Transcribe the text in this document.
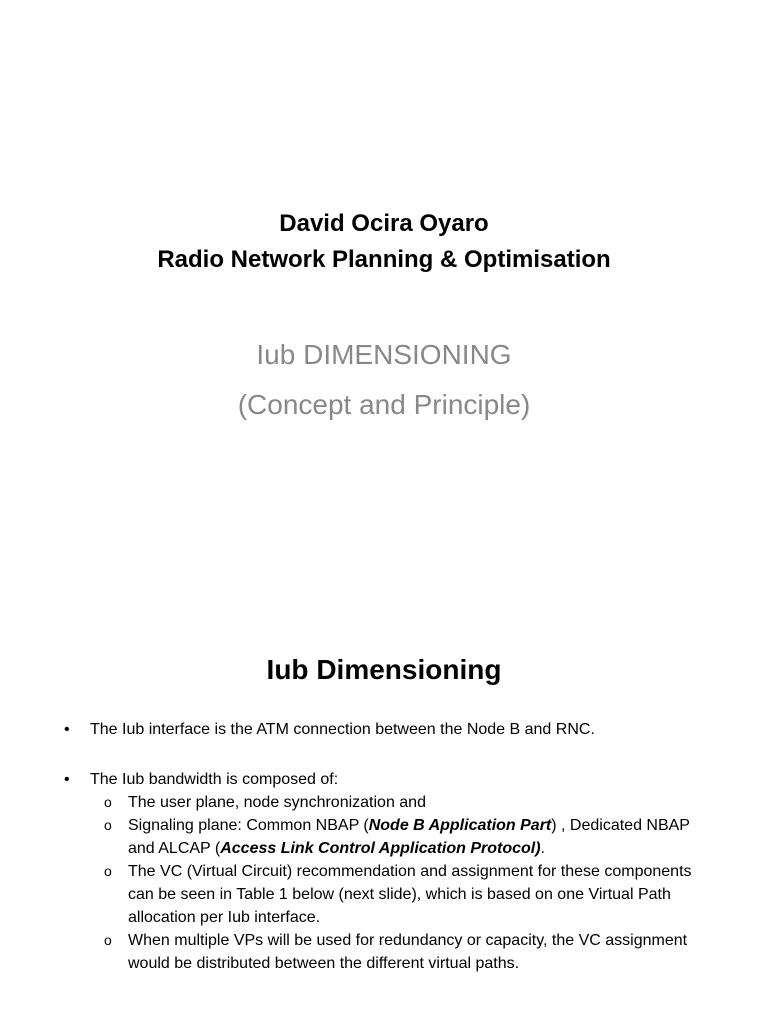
David Ocira Oyaro
Radio Network Planning & Optimisation
Iub DIMENSIONING
(Concept and Principle)
Iub Dimensioning
• The Iub interface is the ATM connection between the Node B and RNC.
• The Iub bandwidth is composed of:
o The user plane, node synchronization and
o Signaling plane: Common NBAP (Node B Application Part) , Dedicated NBAP and ALCAP (Access Link Control Application Protocol).
o The VC (Virtual Circuit) recommendation and assignment for these components can be seen in Table 1 below (next slide), which is based on one Virtual Path allocation per Iub interface.
o When multiple VPs will be used for redundancy or capacity, the VC assignment would be distributed between the different virtual paths.
